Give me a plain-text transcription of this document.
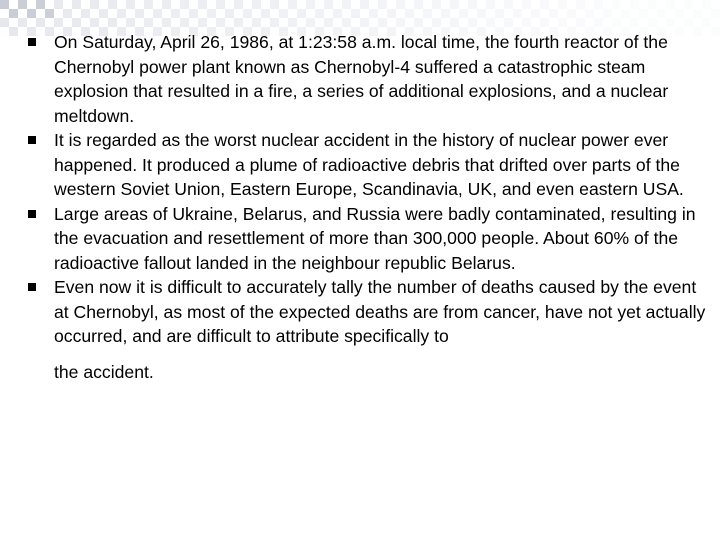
On Saturday, April 26, 1986, at 1:23:58 a.m. local time, the fourth reactor of the Chernobyl power plant known as Chernobyl-4 suffered a catastrophic steam explosion that resulted in a fire, a series of additional explosions, and a nuclear meltdown.
It is regarded as the worst nuclear accident in the history of nuclear power ever happened. It produced a plume of radioactive debris that drifted over parts of the western Soviet Union, Eastern Europe, Scandinavia, UK, and even eastern USA.
Large areas of Ukraine, Belarus, and Russia were badly contaminated, resulting in the evacuation and resettlement of more than 300,000 people. About 60% of the radioactive fallout landed in the neighbour republic Belarus.
Even now it is difficult to accurately tally the number of deaths caused by the event at Chernobyl, as most of the expected deaths are from cancer, have not yet actually occurred, and are difficult to attribute specifically to
the accident.
